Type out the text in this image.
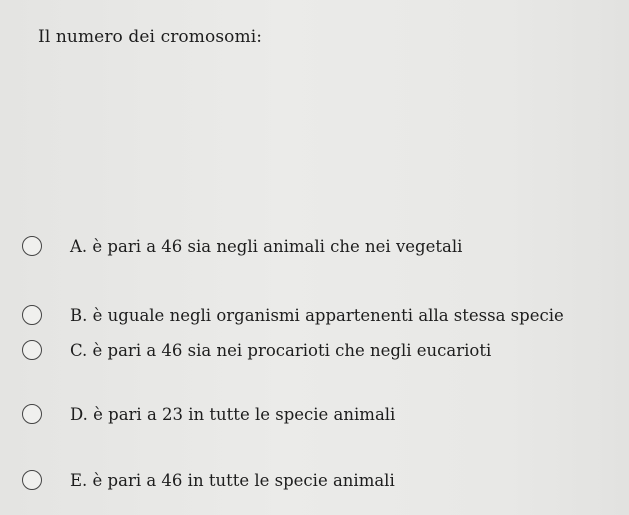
Il numero dei cromosomi:
A. è pari a 46 sia negli animali che nei vegetali
B. è uguale negli organismi appartenenti alla stessa specie
C. è pari a 46 sia nei procarioti che negli eucarioti
D. è pari a 23 in tutte le specie animali
E. è pari a 46 in tutte le specie animali
